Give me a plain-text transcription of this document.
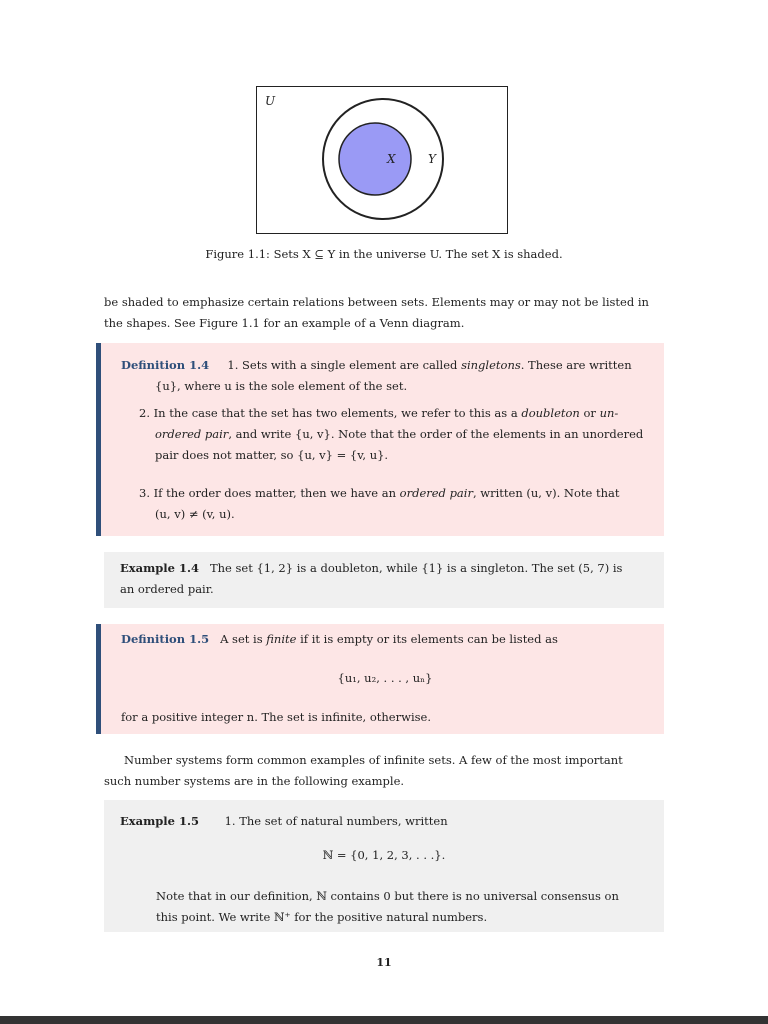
U
X	Y
Figure 1.1: Sets X ⊆ Y in the universe U. The set X is shaded.
be shaded to emphasize certain relations between sets. Elements may or may not be listed in
the shapes. See Figure 1.1 for an example of a Venn diagram.
Definition 1.4 1. Sets with a single element are called singletons. These are written
{u}, where u is the sole element of the set.
2. In the case that the set has two elements, we refer to this as a doubleton or un-
ordered pair, and write {u, v}. Note that the order of the elements in an unordered
pair does not matter, so {u, v} = {v, u}.
3. If the order does matter, then we have an ordered pair, written (u, v). Note that
(u, v) ≠ (v, u).
Example 1.4 The set {1, 2} is a doubleton, while {1} is a singleton. The set (5, 7) is
an ordered pair.
Definition 1.5 A set is finite if it is empty or its elements can be listed as
{u₁, u₂, . . . , uₙ}
for a positive integer n. The set is infinite, otherwise.
Number systems form common examples of infinite sets. A few of the most important
such number systems are in the following example.
Example 1.5 1. The set of natural numbers, written
ℕ = {0, 1, 2, 3, . . .}.
Note that in our definition, ℕ contains 0 but there is no universal consensus on
this point. We write ℕ⁺ for the positive natural numbers.
11
